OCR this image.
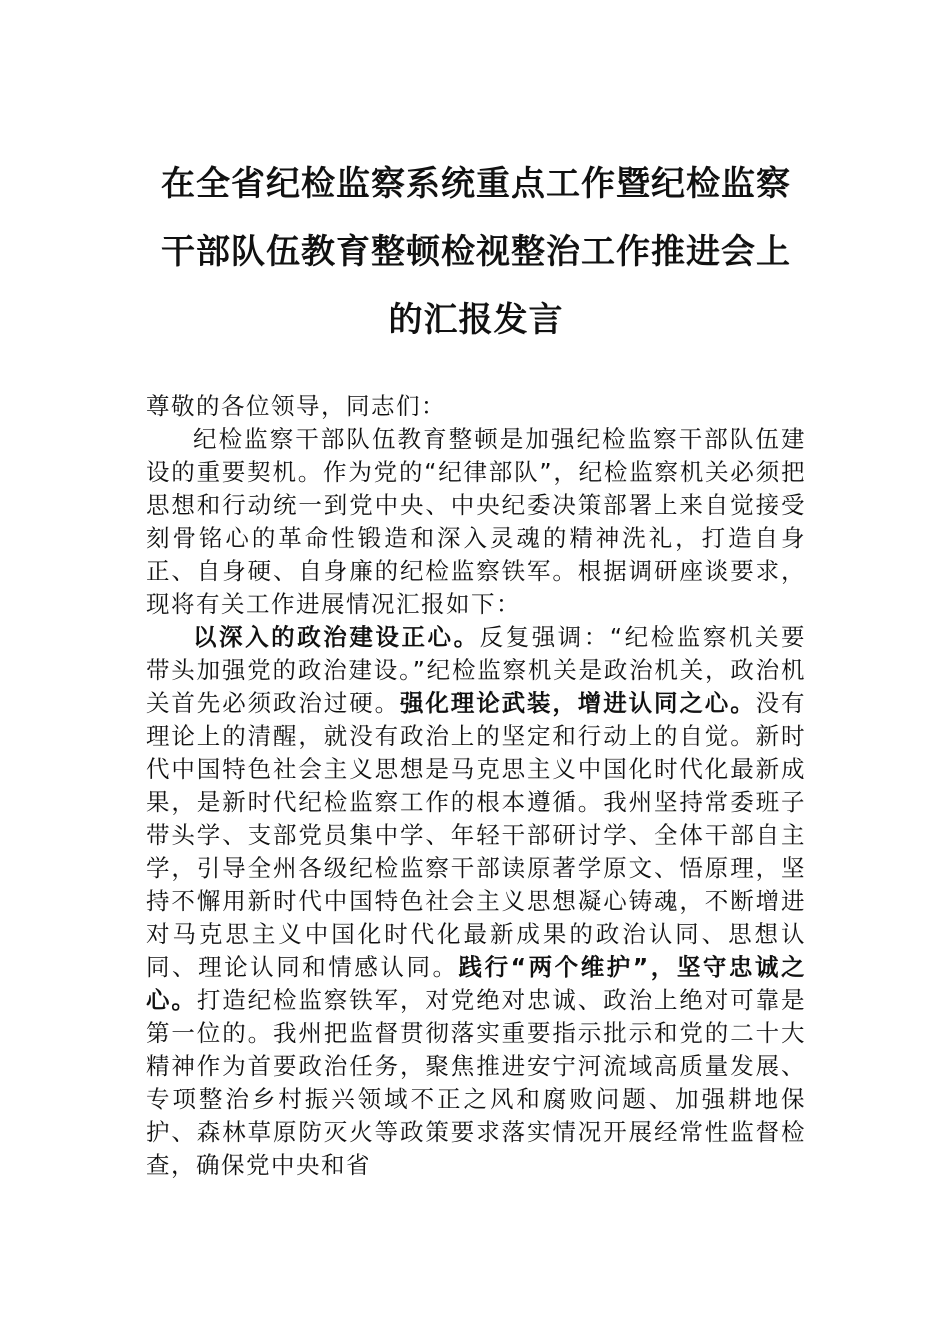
在全省纪检监察系统重点工作暨纪检监察
干部队伍教育整顿检视整治工作推进会上
的汇报发言

尊敬的各位领导，同志们：

纪检监察干部队伍教育整顿是加强纪检监察干部队伍建设的重要契机。作为党的“纪律部队”，纪检监察机关必须把思想和行动统一到党中央、中央纪委决策部署上来自觉接受刻骨铭心的革命性锻造和深入灵魂的精神洗礼，打造自身正、自身硬、自身廉的纪检监察铁军。根据调研座谈要求，现将有关工作进展情况汇报如下：

以深入的政治建设正心。反复强调：“纪检监察机关要带头加强党的政治建设。”纪检监察机关是政治机关，政治机关首先必须政治过硬。强化理论武装，增进认同之心。没有理论上的清醒，就没有政治上的坚定和行动上的自觉。新时代中国特色社会主义思想是马克思主义中国化时代化最新成果，是新时代纪检监察工作的根本遵循。我州坚持常委班子带头学、支部党员集中学、年轻干部研讨学、全体干部自主学，引导全州各级纪检监察干部读原著学原文、悟原理，坚持不懈用新时代中国特色社会主义思想凝心铸魂，不断增进对马克思主义中国化时代化最新成果的政治认同、思想认同、理论认同和情感认同。践行“两个维护”，坚守忠诚之心。打造纪检监察铁军，对党绝对忠诚、政治上绝对可靠是第一位的。我州把监督贯彻落实重要指示批示和党的二十大精神作为首要政治任务，聚焦推进安宁河流域高质量发展、专项整治乡村振兴领域不正之风和腐败问题、加强耕地保护、森林草原防灭火等政策要求落实情况开展经常性监督检查，确保党中央和省
